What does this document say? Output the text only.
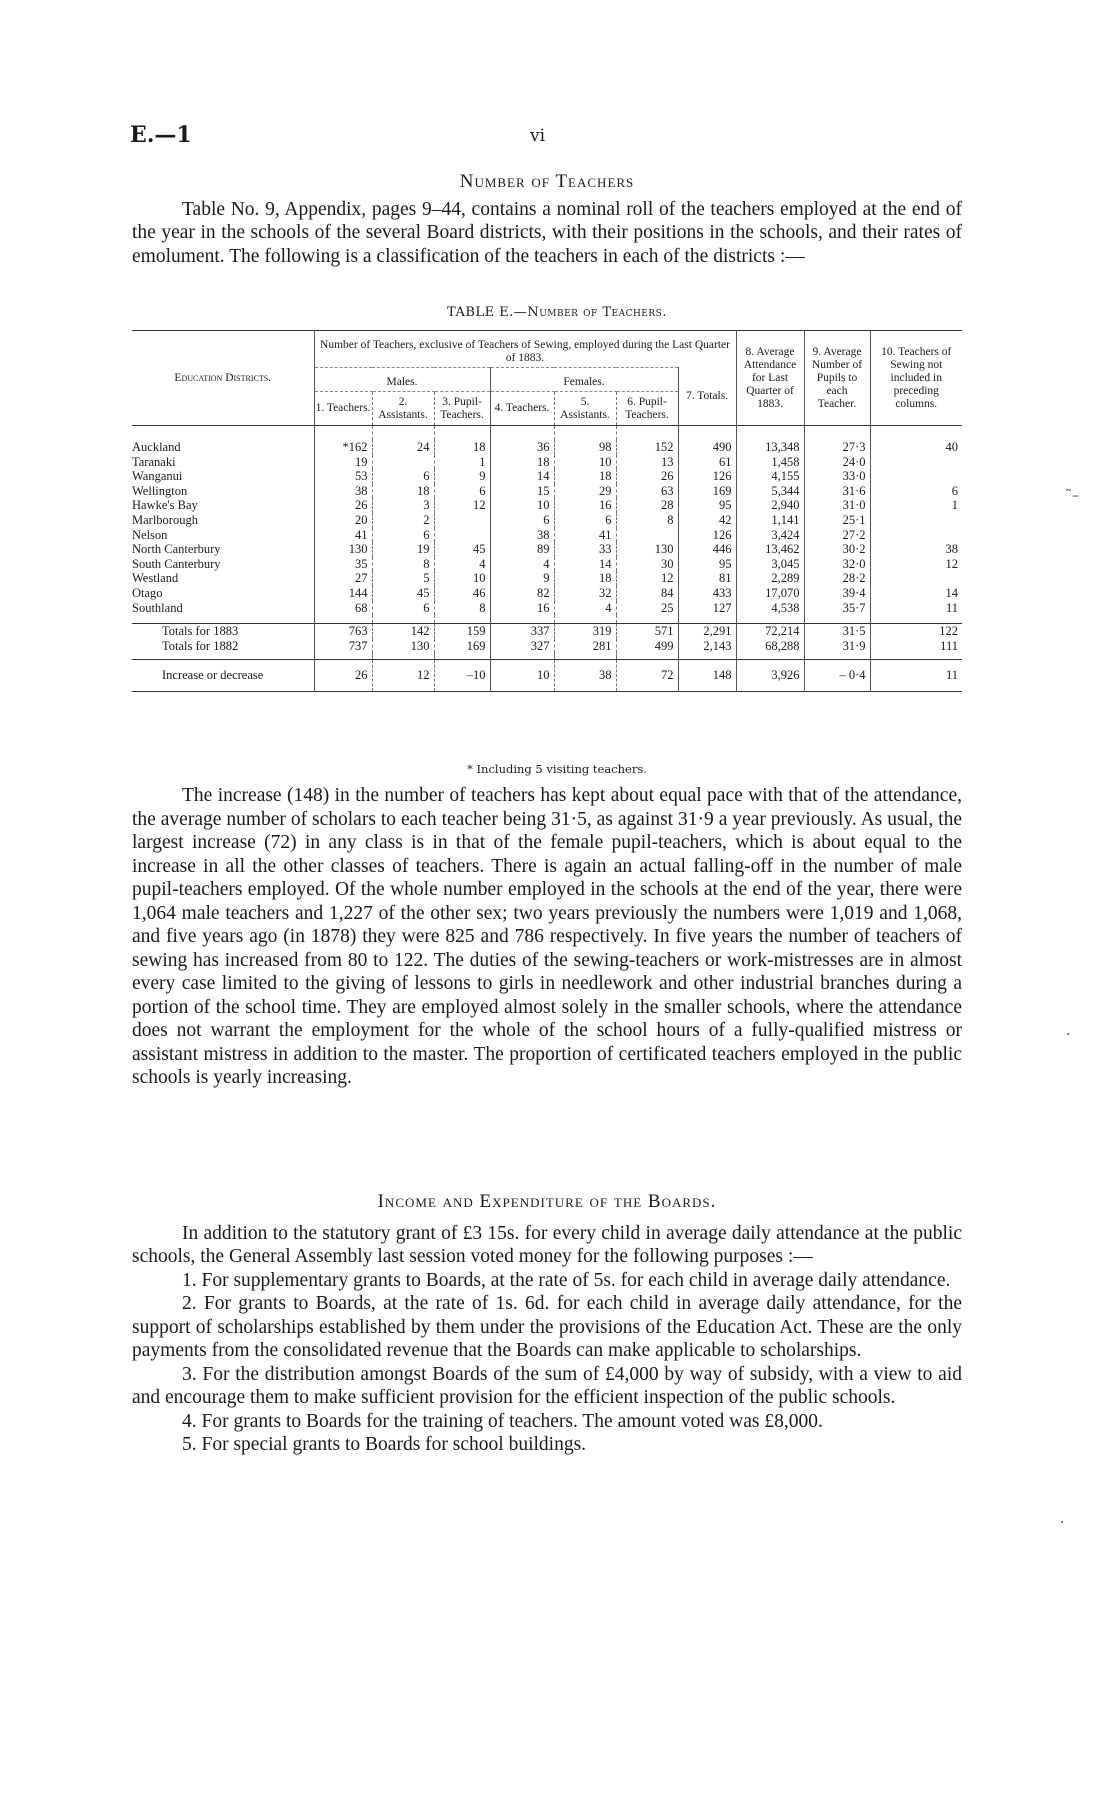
E.—1	vi
Number of Teachers

Table No. 9, Appendix, pages 9–44, contains a nominal roll of the teachers employed at the end of the year in the schools of the several Board districts, with their positions in the schools, and their rates of emolument. The following is a classification of the teachers in each of the districts :—

TABLE E.—Number of Teachers.
Education Districts.	Number of Teachers, exclusive of Teachers of Sewing, employed during the Last Quarter of 1883.							8. Average Attendance for Last Quarter of 1883.	9. Average Number of Pupils to each Teacher.	10. Teachers of Sewing not included in preceding columns.
	Males.			Females.			7. Totals.			
	1. Teachers.	2. Assistants.	3. Pupil-Teachers.	4. Teachers.	5. Assistants.	6. Pupil-Teachers.				

Auckland	*162	24	18	36	98	152	490	13,348	27·3	40
Taranaki	19		1	18	10	13	61	1,458	24·0	
Wanganui	53	6	9	14	18	26	126	4,155	33·0	
Wellington	38	18	6	15	29	63	169	5,344	31·6	6
Hawke's Bay	26	3	12	10	16	28	95	2,940	31·0	1
Marlborough	20	2		6	6	8	42	1,141	25·1	
Nelson	41	6		38	41		126	3,424	27·2	
North Canterbury	130	19	45	89	33	130	446	13,462	30·2	38
South Canterbury	35	8	4	4	14	30	95	3,045	32·0	12
Westland	27	5	10	9	18	12	81	2,289	28·2	
Otago	144	45	46	82	32	84	433	17,070	39·4	14
Southland	68	6	8	16	4	25	127	4,538	35·7	11

Totals for 1883	763	142	159	337	319	571	2,291	72,214	31·5	122
Totals for 1882	737	130	169	327	281	499	2,143	68,288	31·9	111

Increase or decrease	26	12	–10	10	38	72	148	3,926	– 0·4	11
* Including 5 visiting teachers.

The increase (148) in the number of teachers has kept about equal pace with that of the attendance, the average number of scholars to each teacher being 31·5, as against 31·9 a year previously. As usual, the largest increase (72) in any class is in that of the female pupil-teachers, which is about equal to the increase in all the other classes of teachers. There is again an actual falling-off in the number of male pupil-teachers employed. Of the whole number employed in the schools at the end of the year, there were 1,064 male teachers and 1,227 of the other sex; two years previously the numbers were 1,019 and 1,068, and five years ago (in 1878) they were 825 and 786 respectively. In five years the number of teachers of sewing has increased from 80 to 122. The duties of the sewing-teachers or work-mistresses are in almost every case limited to the giving of lessons to girls in needlework and other industrial branches during a portion of the school time. They are employed almost solely in the smaller schools, where the attendance does not warrant the employment for the whole of the school hours of a fully-qualified mistress or assistant mistress in addition to the master. The proportion of certificated teachers employed in the public schools is yearly increasing.

Income and Expenditure of the Boards.

In addition to the statutory grant of £3 15s. for every child in average daily attendance at the public schools, the General Assembly last session voted money for the following purposes :—

1. For supplementary grants to Boards, at the rate of 5s. for each child in average daily attendance.

2. For grants to Boards, at the rate of 1s. 6d. for each child in average daily attendance, for the support of scholarships established by them under the provisions of the Education Act. These are the only payments from the consolidated revenue that the Boards can make applicable to scholarships.

3. For the distribution amongst Boards of the sum of £4,000 by way of subsidy, with a view to aid and encourage them to make sufficient provision for the efficient inspection of the public schools.

4. For grants to Boards for the training of teachers. The amount voted was £8,000.

5. For special grants to Boards for school buildings.

˜–
·
·
